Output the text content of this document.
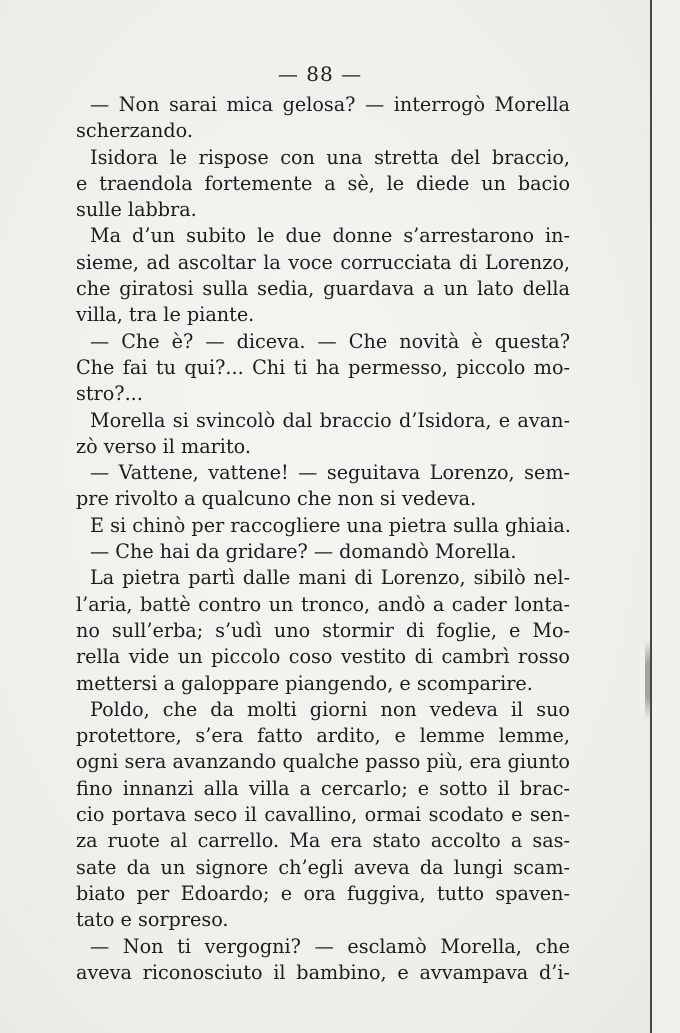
— 88 —
— Non sarai mica gelosa? — interrogò Morella
scherzando.
Isidora le rispose con una stretta del braccio,
e traendola fortemente a sè, le diede un bacio
sulle labbra.
Ma d’un subito le due donne s’arrestarono in-
sieme, ad ascoltar la voce corrucciata di Lorenzo,
che giratosi sulla sedia, guardava a un lato della
villa, tra le piante.
— Che è? — diceva. — Che novità è questa?
Che fai tu qui?... Chi ti ha permesso, piccolo mo-
stro?...
Morella si svincolò dal braccio d’Isidora, e avan-
zò verso il marito.
— Vattene, vattene! — seguitava Lorenzo, sem-
pre rivolto a qualcuno che non si vedeva.
E si chinò per raccogliere una pietra sulla ghiaia.
— Che hai da gridare? — domandò Morella.
La pietra partì dalle mani di Lorenzo, sibilò nel-
l’aria, battè contro un tronco, andò a cader lonta-
no sull’erba; s’udì uno stormir di foglie, e Mo-
rella vide un piccolo coso vestito di cambrì rosso
mettersi a galoppare piangendo, e scomparire.
Poldo, che da molti giorni non vedeva il suo
protettore, s’era fatto ardito, e lemme lemme,
ogni sera avanzando qualche passo più, era giunto
fino innanzi alla villa a cercarlo; e sotto il brac-
cio portava seco il cavallino, ormai scodato e sen-
za ruote al carrello. Ma era stato accolto a sas-
sate da un signore ch’egli aveva da lungi scam-
biato per Edoardo; e ora fuggiva, tutto spaven-
tato e sorpreso.
— Non ti vergogni? — esclamò Morella, che
aveva riconosciuto il bambino, e avvampava d’i-
